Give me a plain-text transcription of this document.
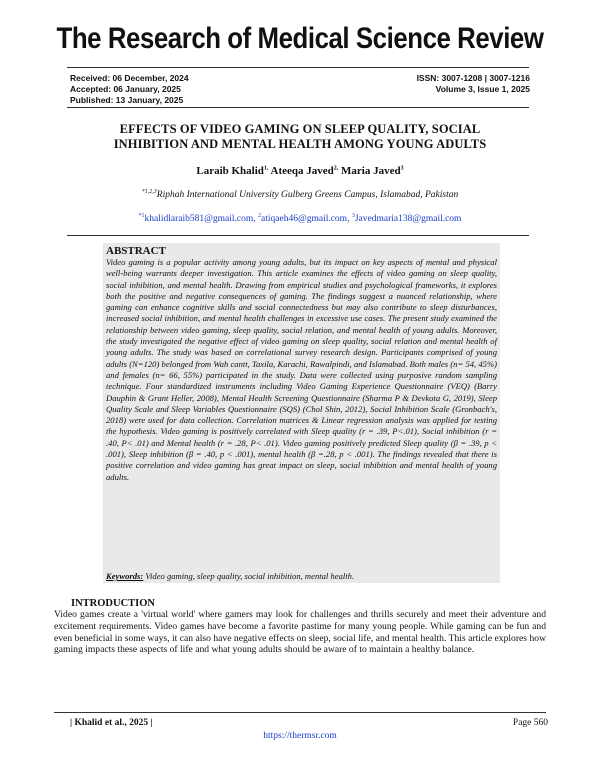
The Research of Medical Science Review
Received: 06 December, 2024
Accepted: 06 January, 2025
Published: 13 January, 2025
ISSN: 3007-1208 | 3007-1216
Volume 3, Issue 1, 2025
EFFECTS OF VIDEO GAMING ON SLEEP QUALITY, SOCIAL
INHIBITION AND MENTAL HEALTH AMONG YOUNG ADULTS
Laraib Khalid$^{1,}$ Ateeqa Javed$^{2,}$ Maria Javed$^3$
$^{*1,2,3}$Riphah International University Gulberg Greens Campus, Islamabad, Pakistan
$^{*1}$khalidlaraib581@gmail.com, $^2$atiqaeh46@gmail.com, $^3$Javedmaria138@gmail.com
ABSTRACT
Video gaming is a popular activity among young adults, but its impact on key aspects of mental and physical well-being warrants deeper investigation. This article examines the effects of video gaming on sleep quality, social inhibition, and mental health. Drawing from empirical studies and psychological frameworks, it explores both the positive and negative consequences of gaming. The findings suggest a nuanced relationship, where gaming can enhance cognitive skills and social connectedness but may also contribute to sleep disturbances, increased social inhibition, and mental health challenges in excessive use cases. The present study examined the relationship between video gaming, sleep quality, social relation, and mental health of young adults. Moreover, the study investigated the negative effect of video gaming on sleep quality, social relation and mental health of young adults. The study was based on correlational survey research design. Participants comprised of young adults (N=120) belonged from Wah cantt, Taxila, Karachi, Rawalpindi, and Islamabad. Both males (n= 54, 45%) and females (n= 66, 55%) participated in the study. Data were collected using purposive random sampling technique. Four standardized instruments including Video Gaming Experience Questionnaire (VEQ) (Barry Dauphin & Grant Heller, 2008), Mental Health Screening Questionnaire (Sharma P & Devkota G, 2019), Sleep Quality Scale and Sleep Variables Questionnaire (SQS) (Chol Shin, 2012), Social Inhibition Scale (Gronbach's, 2018) were used for data collection. Correlation matrices & Linear regression analysis was applied for testing the hypothesis. Video gaming is positively correlated with Sleep quality (r = .39, P<.01), Social inhibition (r = .40, P< .01) and Mental health (r = .28, P< .01). Video gaming positively predicted Sleep quality (β = .39, p < .001), Sleep inhibition (β = .40, p < .001), mental health (β =.28, p < .001). The findings revealed that there is positive correlation and video gaming has great impact on sleep, social inhibition and mental health of young adults.
Keywords: Video gaming, sleep quality, social inhibition, mental health.
INTRODUCTION
Video games create a 'virtual world' where gamers may look for challenges and thrills securely and meet their adventure and excitement requirements. Video games have become a favorite pastime for many young people. While gaming can be fun and even beneficial in some ways, it can also have negative effects on sleep, social life, and mental health. This article explores how gaming impacts these aspects of life and what young adults should be aware of to maintain a healthy balance.
| Khalid et al., 2025 |	Page 560
https://thermsr.com
